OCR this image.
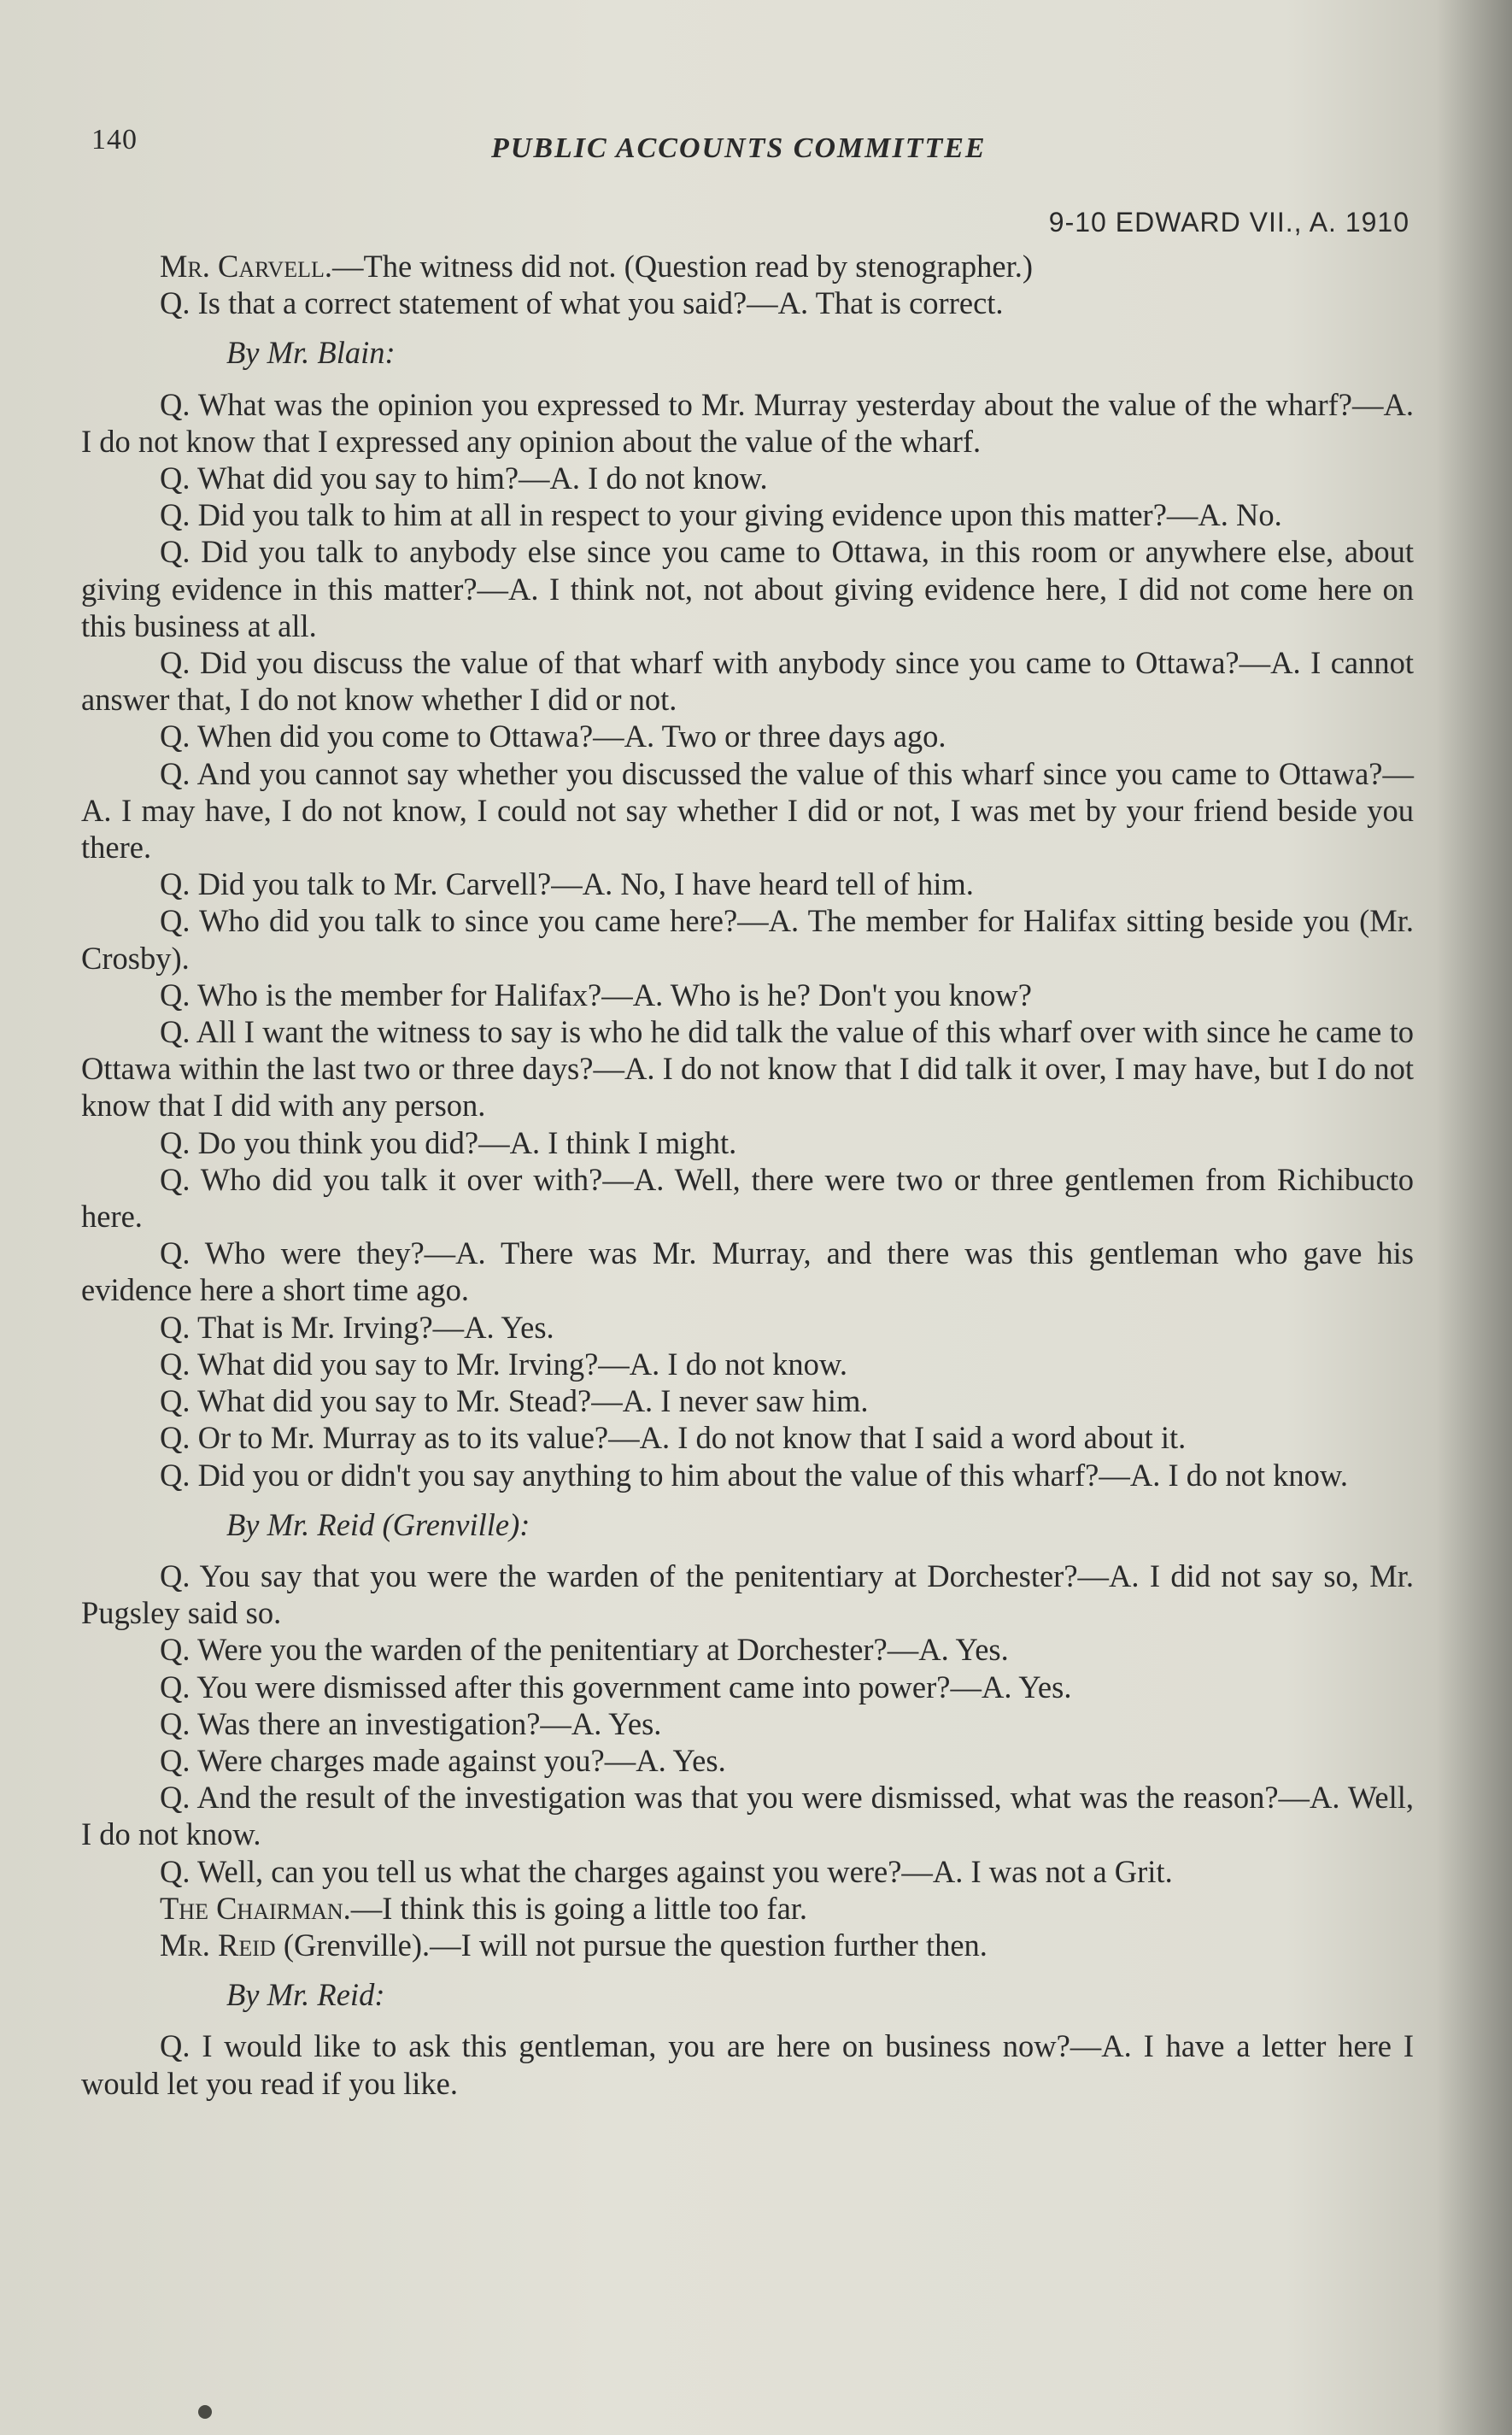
140	PUBLIC ACCOUNTS COMMITTEE
9-10 EDWARD VII., A. 1910

Mr. Carvell.—The witness did not. (Question read by stenographer.)

Q. Is that a correct statement of what you said?—A. That is correct.

By Mr. Blain:

Q. What was the opinion you expressed to Mr. Murray yesterday about the value of the wharf?—A. I do not know that I expressed any opinion about the value of the wharf.

Q. What did you say to him?—A. I do not know.

Q. Did you talk to him at all in respect to your giving evidence upon this matter?—A. No.

Q. Did you talk to anybody else since you came to Ottawa, in this room or anywhere else, about giving evidence in this matter?—A. I think not, not about giving evidence here, I did not come here on this business at all.

Q. Did you discuss the value of that wharf with anybody since you came to Ottawa?—A. I cannot answer that, I do not know whether I did or not.

Q. When did you come to Ottawa?—A. Two or three days ago.

Q. And you cannot say whether you discussed the value of this wharf since you came to Ottawa?—A. I may have, I do not know, I could not say whether I did or not, I was met by your friend beside you there.

Q. Did you talk to Mr. Carvell?—A. No, I have heard tell of him.

Q. Who did you talk to since you came here?—A. The member for Halifax sitting beside you (Mr. Crosby).

Q. Who is the member for Halifax?—A. Who is he? Don't you know?

Q. All I want the witness to say is who he did talk the value of this wharf over with since he came to Ottawa within the last two or three days?—A. I do not know that I did talk it over, I may have, but I do not know that I did with any person.

Q. Do you think you did?—A. I think I might.

Q. Who did you talk it over with?—A. Well, there were two or three gentlemen from Richibucto here.

Q. Who were they?—A. There was Mr. Murray, and there was this gentleman who gave his evidence here a short time ago.

Q. That is Mr. Irving?—A. Yes.

Q. What did you say to Mr. Irving?—A. I do not know.

Q. What did you say to Mr. Stead?—A. I never saw him.

Q. Or to Mr. Murray as to its value?—A. I do not know that I said a word about it.

Q. Did you or didn't you say anything to him about the value of this wharf?—A. I do not know.

By Mr. Reid (Grenville):

Q. You say that you were the warden of the penitentiary at Dorchester?—A. I did not say so, Mr. Pugsley said so.

Q. Were you the warden of the penitentiary at Dorchester?—A. Yes.

Q. You were dismissed after this government came into power?—A. Yes.

Q. Was there an investigation?—A. Yes.

Q. Were charges made against you?—A. Yes.

Q. And the result of the investigation was that you were dismissed, what was the reason?—A. Well, I do not know.

Q. Well, can you tell us what the charges against you were?—A. I was not a Grit.

The Chairman.—I think this is going a little too far.

Mr. Reid (Grenville).—I will not pursue the question further then.

By Mr. Reid:

Q. I would like to ask this gentleman, you are here on business now?—A. I have a letter here I would let you read if you like.
